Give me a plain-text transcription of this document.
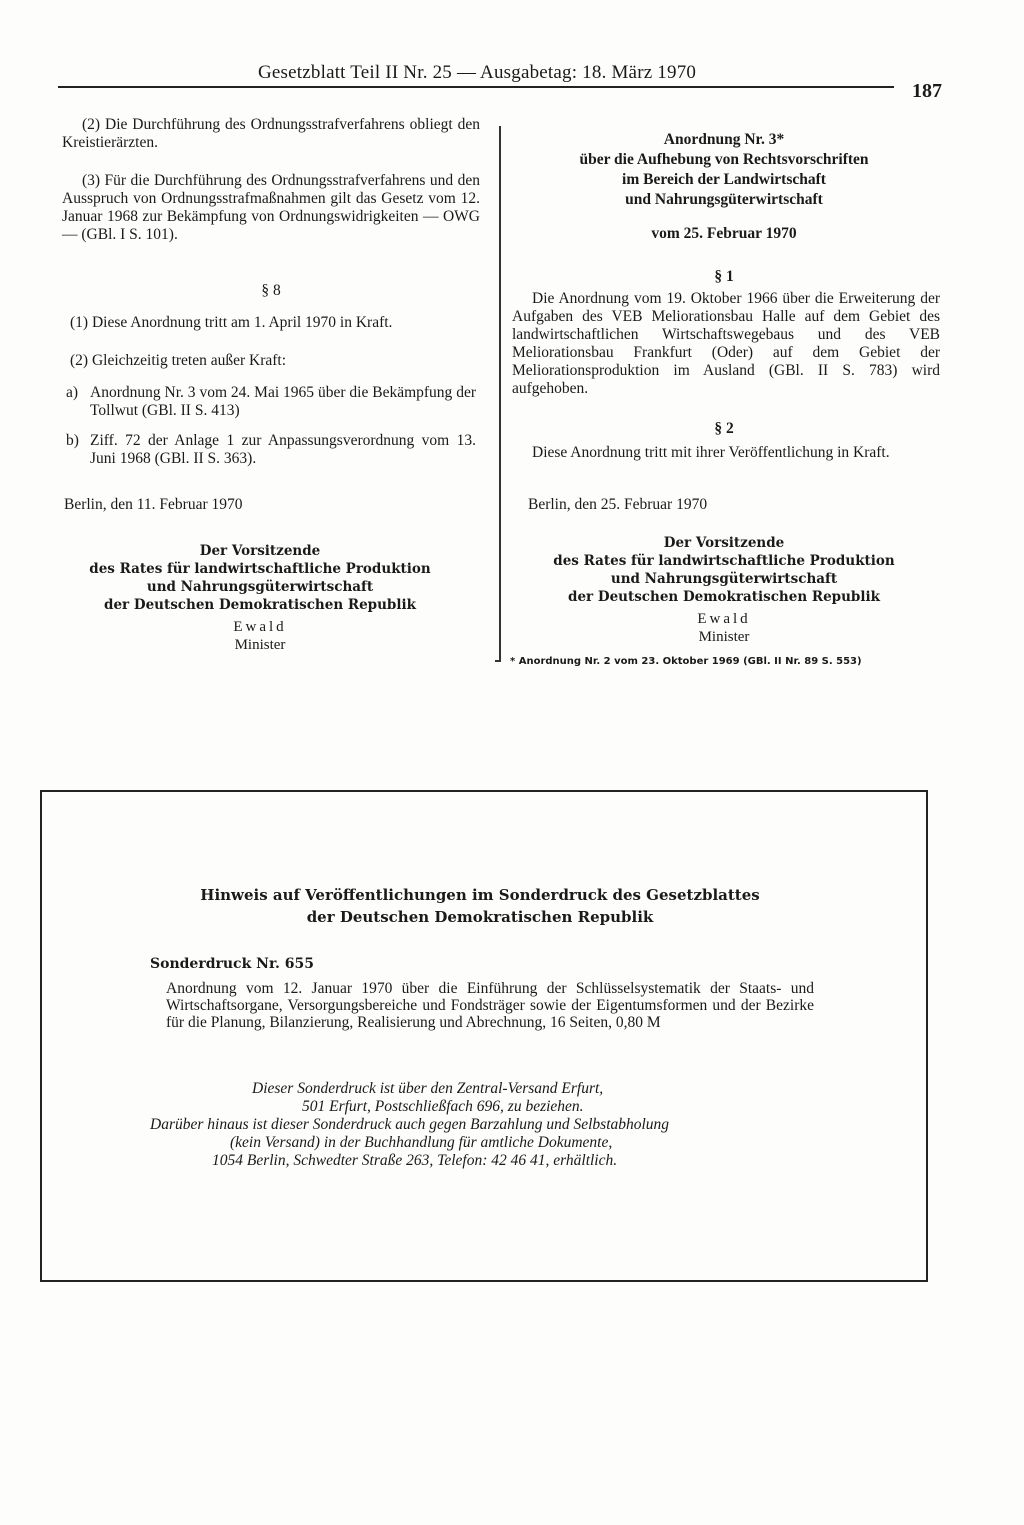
Gesetzblatt Teil II Nr. 25 — Ausgabetag: 18. März 1970
187
(2) Die Durchführung des Ordnungsstrafverfahrens obliegt den Kreistierärzten.
(3) Für die Durchführung des Ordnungsstrafverfahrens und den Ausspruch von Ordnungsstrafmaßnahmen gilt das Gesetz vom 12. Januar 1968 zur Bekämpfung von Ordnungswidrigkeiten — OWG — (GBl. I S. 101).
§ 8
(1) Diese Anordnung tritt am 1. April 1970 in Kraft.
(2) Gleichzeitig treten außer Kraft:
a) Anordnung Nr. 3 vom 24. Mai 1965 über die Bekämpfung der Tollwut (GBl. II S. 413)
b) Ziff. 72 der Anlage 1 zur Anpassungsverordnung vom 13. Juni 1968 (GBl. II S. 363).
Berlin, den 11. Februar 1970
Der Vorsitzende
des Rates für landwirtschaftliche Produktion
und Nahrungsgüterwirtschaft
der Deutschen Demokratischen Republik
Ewald
Minister
Anordnung Nr. 3*
über die Aufhebung von Rechtsvorschriften
im Bereich der Landwirtschaft
und Nahrungsgüterwirtschaft
vom 25. Februar 1970
§ 1
Die Anordnung vom 19. Oktober 1966 über die Erweiterung der Aufgaben des VEB Meliorationsbau Halle auf dem Gebiet des landwirtschaftlichen Wirtschaftswegebaus und des VEB Meliorationsbau Frankfurt (Oder) auf dem Gebiet der Meliorationsproduktion im Ausland (GBl. II S. 783) wird aufgehoben.
§ 2
Diese Anordnung tritt mit ihrer Veröffentlichung in Kraft.
Berlin, den 25. Februar 1970
Der Vorsitzende
des Rates für landwirtschaftliche Produktion
und Nahrungsgüterwirtschaft
der Deutschen Demokratischen Republik
Ewald
Minister
* Anordnung Nr. 2 vom 23. Oktober 1969 (GBl. II Nr. 89 S. 553)
Hinweis auf Veröffentlichungen im Sonderdruck des Gesetzblattes
der Deutschen Demokratischen Republik
Sonderdruck Nr. 655
Anordnung vom 12. Januar 1970 über die Einführung der Schlüsselsystematik der Staats- und Wirtschaftsorgane, Versorgungsbereiche und Fondsträger sowie der Eigentumsformen und der Bezirke für die Planung, Bilanzierung, Realisierung und Abrechnung, 16 Seiten, 0,80 M
Dieser Sonderdruck ist über den Zentral-Versand Erfurt,
501 Erfurt, Postschließfach 696, zu beziehen.
Darüber hinaus ist dieser Sonderdruck auch gegen Barzahlung und Selbstabholung
(kein Versand) in der Buchhandlung für amtliche Dokumente,
1054 Berlin, Schwedter Straße 263, Telefon: 42 46 41, erhältlich.
